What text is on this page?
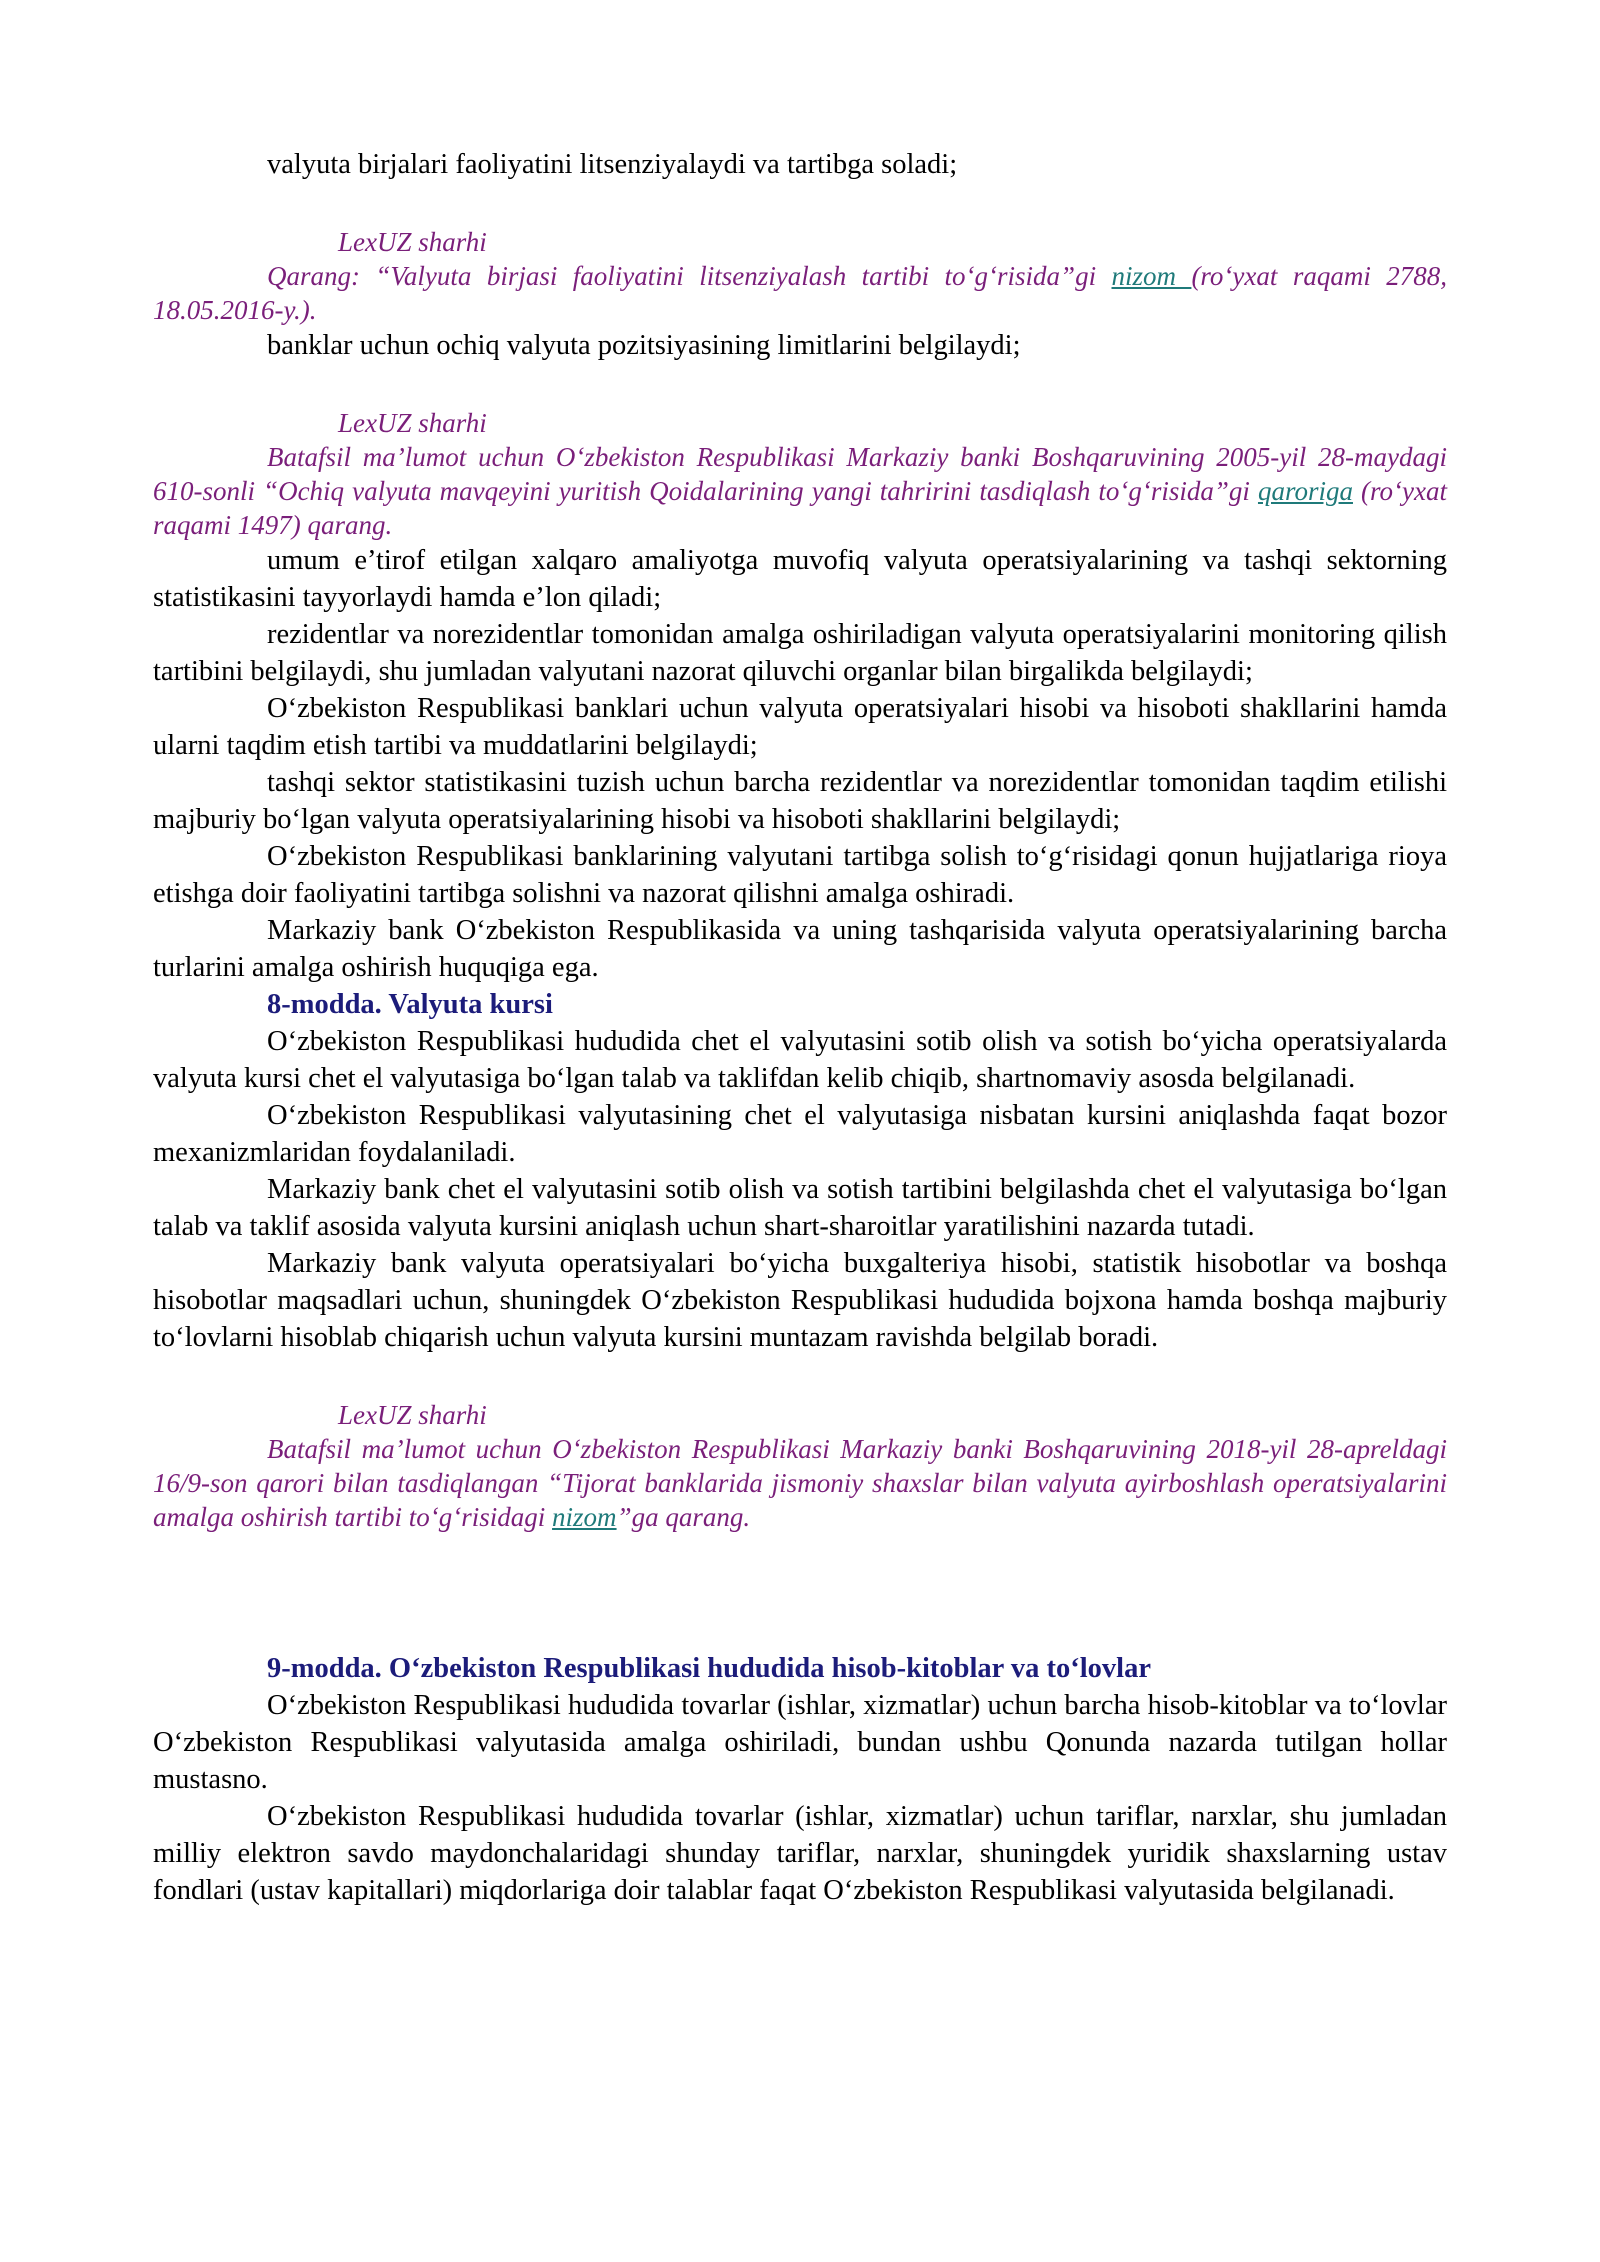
valyuta birjalari faoliyatini litsenziyalaydi va tartibga soladi;

LexUZ sharhi

Qarang: “Valyuta birjasi faoliyatini litsenziyalash tartibi to‘g‘risida”gi nizom (ro‘yxat raqami 2788, 18.05.2016-y.).

banklar uchun ochiq valyuta pozitsiyasining limitlarini belgilaydi;

LexUZ sharhi

Batafsil ma’lumot uchun O‘zbekiston Respublikasi Markaziy banki Boshqaruvining 2005-yil 28-maydagi 610-sonli “Ochiq valyuta mavqeyini yuritish Qoidalarining yangi tahririni tasdiqlash to‘g‘risida”gi qaroriga (ro‘yxat raqami 1497) qarang.

umum e’tirof etilgan xalqaro amaliyotga muvofiq valyuta operatsiyalarining va tashqi sektorning statistikasini tayyorlaydi hamda e’lon qiladi;

rezidentlar va norezidentlar tomonidan amalga oshiriladigan valyuta operatsiyalarini monitoring qilish tartibini belgilaydi, shu jumladan valyutani nazorat qiluvchi organlar bilan birgalikda belgilaydi;

O‘zbekiston Respublikasi banklari uchun valyuta operatsiyalari hisobi va hisoboti shakllarini hamda ularni taqdim etish tartibi va muddatlarini belgilaydi;

tashqi sektor statistikasini tuzish uchun barcha rezidentlar va norezidentlar tomonidan taqdim etilishi majburiy bo‘lgan valyuta operatsiyalarining hisobi va hisoboti shakllarini belgilaydi;

O‘zbekiston Respublikasi banklarining valyutani tartibga solish to‘g‘risidagi qonun hujjatlariga rioya etishga doir faoliyatini tartibga solishni va nazorat qilishni amalga oshiradi.

Markaziy bank O‘zbekiston Respublikasida va uning tashqarisida valyuta operatsiyalarining barcha turlarini amalga oshirish huquqiga ega.

8-modda. Valyuta kursi

O‘zbekiston Respublikasi hududida chet el valyutasini sotib olish va sotish bo‘yicha operatsiyalarda valyuta kursi chet el valyutasiga bo‘lgan talab va taklifdan kelib chiqib, shartnomaviy asosda belgilanadi.

O‘zbekiston Respublikasi valyutasining chet el valyutasiga nisbatan kursini aniqlashda faqat bozor mexanizmlaridan foydalaniladi.

Markaziy bank chet el valyutasini sotib olish va sotish tartibini belgilashda chet el valyutasiga bo‘lgan talab va taklif asosida valyuta kursini aniqlash uchun shart-sharoitlar yaratilishini nazarda tutadi.

Markaziy bank valyuta operatsiyalari bo‘yicha buxgalteriya hisobi, statistik hisobotlar va boshqa hisobotlar maqsadlari uchun, shuningdek O‘zbekiston Respublikasi hududida bojxona hamda boshqa majburiy to‘lovlarni hisoblab chiqarish uchun valyuta kursini muntazam ravishda belgilab boradi.

LexUZ sharhi

Batafsil ma’lumot uchun O‘zbekiston Respublikasi Markaziy banki Boshqaruvining 2018-yil 28-apreldagi 16/9-son qarori bilan tasdiqlangan “Tijorat banklarida jismoniy shaxslar bilan valyuta ayirboshlash operatsiyalarini amalga oshirish tartibi to‘g‘risidagi nizom”ga qarang.

9-modda. O‘zbekiston Respublikasi hududida hisob-kitoblar va to‘lovlar

O‘zbekiston Respublikasi hududida tovarlar (ishlar, xizmatlar) uchun barcha hisob-kitoblar va to‘lovlar O‘zbekiston Respublikasi valyutasida amalga oshiriladi, bundan ushbu Qonunda nazarda tutilgan hollar mustasno.

O‘zbekiston Respublikasi hududida tovarlar (ishlar, xizmatlar) uchun tariflar, narxlar, shu jumladan milliy elektron savdo maydonchalaridagi shunday tariflar, narxlar, shuningdek yuridik shaxslarning ustav fondlari (ustav kapitallari) miqdorlariga doir talablar faqat O‘zbekiston Respublikasi valyutasida belgilanadi.
